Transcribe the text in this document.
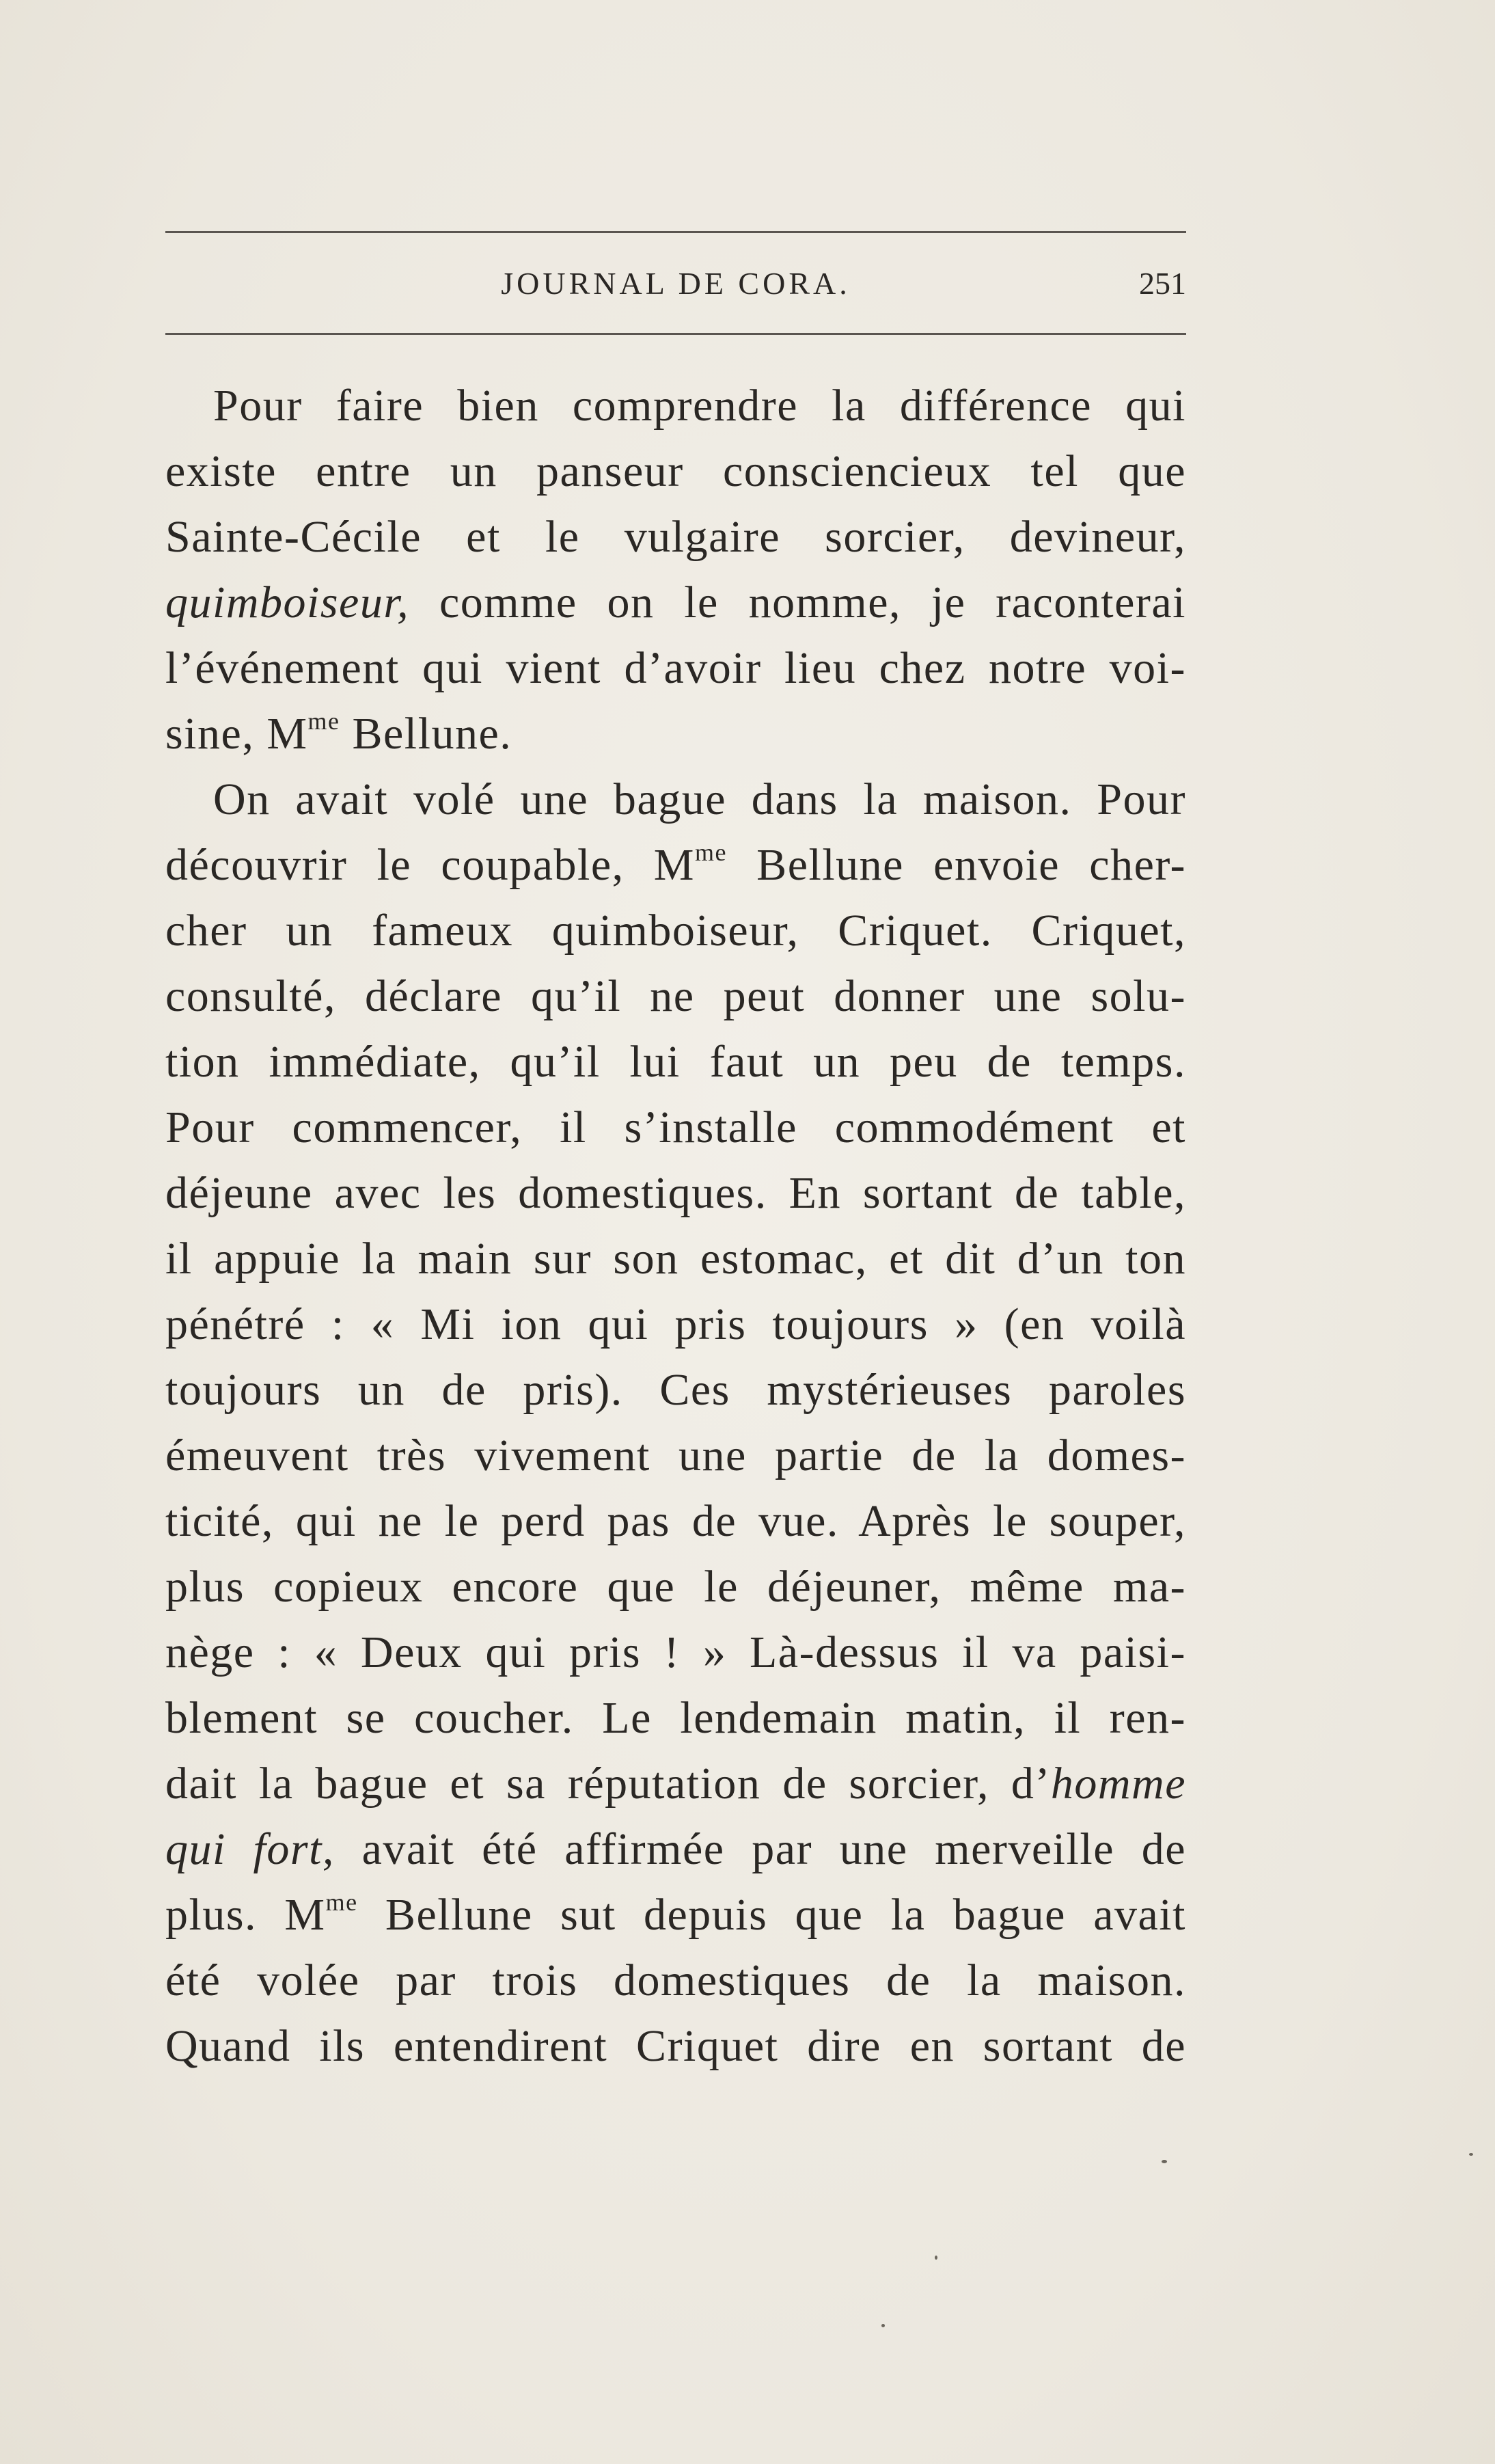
JOURNAL DE CORA.	251
Pour faire bien comprendre la différence qui
existe entre un panseur consciencieux tel que
Sainte-Cécile et le vulgaire sorcier, devineur,
quimboiseur, comme on le nomme, je raconterai
l’événement qui vient d’avoir lieu chez notre voi-
sine, $M^{me}$ Bellune.
On avait volé une bague dans la maison. Pour
découvrir le coupable, $M^{me}$ Bellune envoie cher-
cher un fameux quimboiseur, Criquet. Criquet,
consulté, déclare qu’il ne peut donner une solu-
tion immédiate, qu’il lui faut un peu de temps.
Pour commencer, il s’installe commodément et
déjeune avec les domestiques. En sortant de table,
il appuie la main sur son estomac, et dit d’un ton
pénétré : « Mi ion qui pris toujours » (en voilà
toujours un de pris). Ces mystérieuses paroles
émeuvent très vivement une partie de la domes-
ticité, qui ne le perd pas de vue. Après le souper,
plus copieux encore que le déjeuner, même ma-
nège : « Deux qui pris ! » Là-dessus il va paisi-
blement se coucher. Le lendemain matin, il ren-
dait la bague et sa réputation de sorcier, d’homme
qui fort, avait été affirmée par une merveille de
plus. $M^{me}$ Bellune sut depuis que la bague avait
été volée par trois domestiques de la maison.
Quand ils entendirent Criquet dire en sortant de
